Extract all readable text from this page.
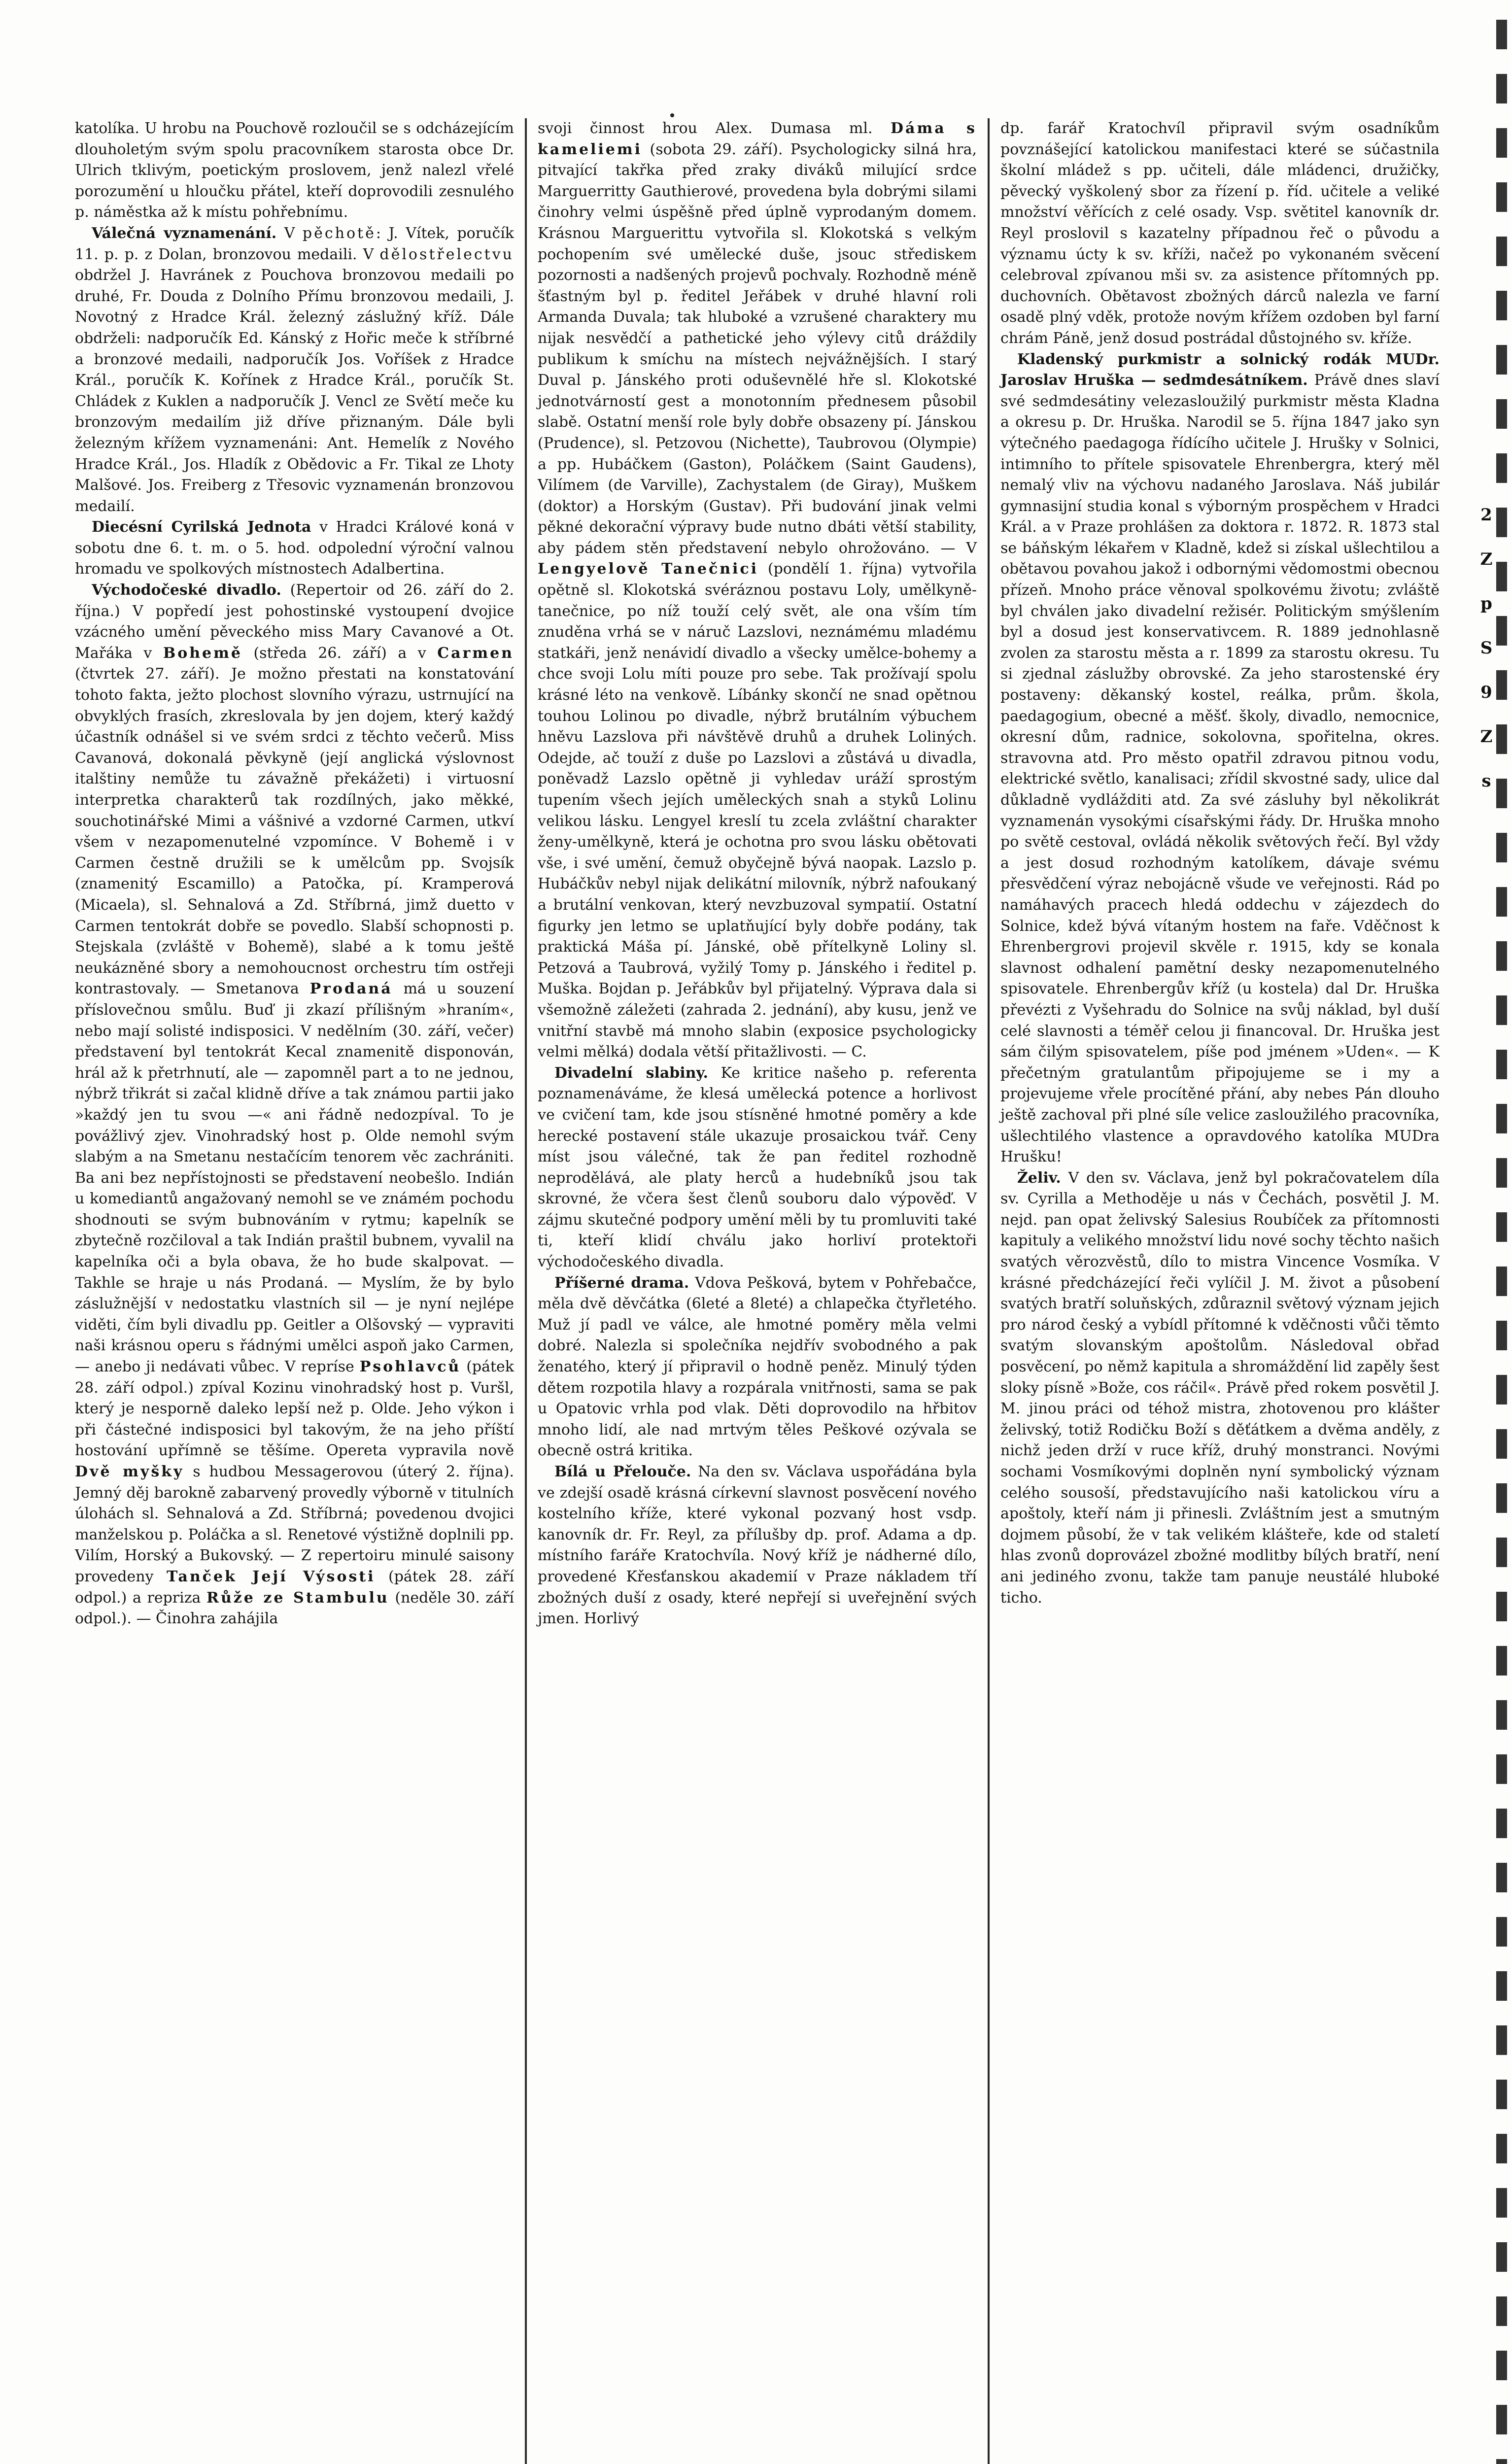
katolíka. U hrobu na Pouchově rozloučil se s odcházejícím dlouholetým svým spolu pracovníkem starosta obce Dr. Ulrich tklivým, poetickým proslovem, jenž nalezl vřelé porozumění u hloučku přátel, kteří doprovodili zesnulého p. náměstka až k místu pohřebnímu.

Válečná vyznamenání. V pěchotě: J. Vítek, poručík 11. p. p. z Dolan, bronzovou medaili. V dělostřelectvu obdržel J. Havránek z Pouchova bronzovou medaili po druhé, Fr. Douda z Dolního Přímu bronzovou medaili, J. Novotný z Hradce Král. železný záslužný kříž. Dále obdrželi: nadporučík Ed. Kánský z Hořic meče k stříbrné a bronzové medaili, nadporučík Jos. Voříšek z Hradce Král., poručík K. Kořínek z Hradce Král., poručík St. Chládek z Kuklen a nadporučík J. Vencl ze Světí meče ku bronzovým medailím již dříve přiznaným. Dále byli železným křížem vyznamenáni: Ant. Hemelík z Nového Hradce Král., Jos. Hladík z Obědovic a Fr. Tikal ze Lhoty Malšové. Jos. Freiberg z Třesovic vyznamenán bronzovou medailí.

Diecésní Cyrilská Jednota v Hradci Králové koná v sobotu dne 6. t. m. o 5. hod. odpolední výroční valnou hromadu ve spolkových místnostech Adalbertina.

Východočeské divadlo. (Repertoir od 26. září do 2. října.) V popředí jest pohostinské vystoupení dvojice vzácného umění pěveckého miss Mary Cavanové a Ot. Mařáka v Bohemě (středa 26. září) a v Carmen (čtvrtek 27. září). Je možno přestati na konstatování tohoto fakta, ježto plochost slovního výrazu, ustrnující na obvyklých frasích, zkreslovala by jen dojem, který každý účastník odnášel si ve svém srdci z těchto večerů. Miss Cavanová, dokonalá pěvkyně (její anglická výslovnost italštiny nemůže tu závažně překážeti) i virtuosní interpretka charakterů tak rozdílných, jako měkké, souchotinářské Mimi a vášnivé a vzdorné Carmen, utkví všem v nezapomenutelné vzpomínce. V Bohemě i v Carmen čestně družili se k umělcům pp. Svojsík (znamenitý Escamillo) a Patočka, pí. Kramperová (Micaela), sl. Sehnalová a Zd. Stříbrná, jimž duetto v Carmen tentokrát dobře se povedlo. Slabší schopnosti p. Stejskala (zvláště v Bohemě), slabé a k tomu ještě neukázněné sbory a nemohoucnost orchestru tím ostřeji kontrastovaly. — Smetanova Prodaná má u souzení příslovečnou smůlu. Buď ji zkazí přílišným »hraním«, nebo mají solisté indisposici. V nedělním (30. září, večer) představení byl tentokrát Kecal znamenitě disponován, hrál až k přetrhnutí, ale — zapomněl part a to ne jednou, nýbrž třikrát si začal klidně dříve a tak známou partii jako »každý jen tu svou —« ani řádně nedozpíval. To je povážlivý zjev. Vinohradský host p. Olde nemohl svým slabým a na Smetanu nestačícím tenorem věc zachrániti. Ba ani bez nepřístojnosti se představení neobešlo. Indián u komediantů angažovaný nemohl se ve známém pochodu shodnouti se svým bubnováním v rytmu; kapelník se zbytečně rozčiloval a tak Indián praštil bubnem, vyvalil na kapelníka oči a byla obava, že ho bude skalpovat. — Takhle se hraje u nás Prodaná. — Myslím, že by bylo záslužnější v nedostatku vlastních sil — je nyní nejlépe viděti, čím byli divadlu pp. Geitler a Olšovský — vypraviti naši krásnou operu s řádnými umělci aspoň jako Carmen, — anebo ji nedávati vůbec. V repríse Psohlavců (pátek 28. září odpol.) zpíval Kozinu vinohradský host p. Vuršl, který je nesporně daleko lepší než p. Olde. Jeho výkon i při částečné indisposici byl takovým, že na jeho příští hostování upřímně se těšíme. Opereta vypravila nově Dvě myšky s hudbou Messagerovou (úterý 2. října). Jemný děj barokně zabarvený provedly výborně v titulních úlohách sl. Sehnalová a Zd. Stříbrná; povedenou dvojici manželskou p. Poláčka a sl. Renetové výstižně doplnili pp. Vilím, Horský a Bukovský. — Z repertoiru minulé saisony provedeny Tanček Její Výsosti (pátek 28. září odpol.) a repriza Růže ze Stambulu (neděle 30. září odpol.). — Činohra zahájila

svoji činnost hrou Alex. Dumasa ml. Dáma s kameliemi (sobota 29. září). Psychologicky silná hra, pitvající takřka před zraky diváků milující srdce Marguerritty Gauthierové, provedena byla dobrými silami činohry velmi úspěšně před úplně vyprodaným domem. Krásnou Marguerittu vytvořila sl. Klokotská s velkým pochopením své umělecké duše, jsouc střediskem pozornosti a nadšených projevů pochvaly. Rozhodně méně šťastným byl p. ředitel Jeřábek v druhé hlavní roli Armanda Duvala; tak hluboké a vzrušené charaktery mu nijak nesvědčí a pathetické jeho výlevy citů dráždily publikum k smíchu na místech nejvážnějších. I starý Duval p. Jánského proti oduševnělé hře sl. Klokotské jednotvárností gest a monotonním přednesem působil slabě. Ostatní menší role byly dobře obsazeny pí. Jánskou (Prudence), sl. Petzovou (Nichette), Taubrovou (Olympie) a pp. Hubáčkem (Gaston), Poláčkem (Saint Gaudens), Vilímem (de Varville), Zachystalem (de Giray), Muškem (doktor) a Horským (Gustav). Při budování jinak velmi pěkné dekorační výpravy bude nutno dbáti větší stability, aby pádem stěn představení nebylo ohrožováno. — V Lengyelově Tanečnici (pondělí 1. října) vytvořila opětně sl. Klokotská svéráznou postavu Loly, umělkyně-tanečnice, po níž touží celý svět, ale ona vším tím znuděna vrhá se v náruč Lazslovi, neznámému mladému statkáři, jenž nenávidí divadlo a všecky umělce-bohemy a chce svoji Lolu míti pouze pro sebe. Tak prožívají spolu krásné léto na venkově. Líbánky skončí ne snad opětnou touhou Lolinou po divadle, nýbrž brutálním výbuchem hněvu Lazslova při návštěvě druhů a druhek Loliných. Odejde, ač touží z duše po Lazslovi a zůstává u divadla, poněvadž Lazslo opětně ji vyhledav uráží sprostým tupením všech jejích uměleckých snah a styků Lolinu velikou lásku. Lengyel kreslí tu zcela zvláštní charakter ženy-umělkyně, která je ochotna pro svou lásku obětovati vše, i své umění, čemuž obyčejně bývá naopak. Lazslo p. Hubáčkův nebyl nijak delikátní milovník, nýbrž nafoukaný a brutální venkovan, který nevzbuzoval sympatií. Ostatní figurky jen letmo se uplatňující byly dobře podány, tak praktická Máša pí. Jánské, obě přítelkyně Loliny sl. Petzová a Taubrová, vyžilý Tomy p. Jánského i ředitel p. Muška. Bojdan p. Jeřábkův byl přijatelný. Výprava dala si všemožně záležeti (zahrada 2. jednání), aby kusu, jenž ve vnitřní stavbě má mnoho slabin (exposice psychologicky velmi mělká) dodala větší přitažlivosti. — C.

Divadelní slabiny. Ke kritice našeho p. referenta poznamenáváme, že klesá umělecká potence a horlivost ve cvičení tam, kde jsou stísněné hmotné poměry a kde herecké postavení stále ukazuje prosaickou tvář. Ceny míst jsou válečné, tak že pan ředitel rozhodně neprodělává, ale platy herců a hudebníků jsou tak skrovné, že včera šest členů souboru dalo výpověď. V zájmu skutečné podpory umění měli by tu promluviti také ti, kteří klidí chválu jako horliví protektoři východočeského divadla.

Příšerné drama. Vdova Pešková, bytem v Pohřebačce, měla dvě děvčátka (6leté a 8leté) a chlapečka čtyřletého. Muž jí padl ve válce, ale hmotné poměry měla velmi dobré. Nalezla si společníka nejdřív svobodného a pak ženatého, který jí připravil o hodně peněz. Minulý týden dětem rozpotila hlavy a rozpárala vnitřnosti, sama se pak u Opatovic vrhla pod vlak. Děti doprovodilo na hřbitov mnoho lidí, ale nad mrtvým těles Peškové ozývala se obecně ostrá kritika.

Bílá u Přelouče. Na den sv. Václava uspořádána byla ve zdejší osadě krásná církevní slavnost posvěcení nového kostelního kříže, které vykonal pozvaný host vsdp. kanovník dr. Fr. Reyl, za přílušby dp. prof. Adama a dp. místního faráře Kratochvíla. Nový kříž je nádherné dílo, provedené Křesťanskou akademií v Praze nákladem tří zbožných duší z osady, které nepřejí si uveřejnění svých jmen. Horlivý

dp. farář Kratochvíl připravil svým osadníkům povznášející katolickou manifestaci které se súčastnila školní mládež s pp. učiteli, dále mládenci, družičky, pěvecký vyškolený sbor za řízení p. říd. učitele a veliké množství věřících z celé osady. Vsp. světitel kanovník dr. Reyl proslovil s kazatelny případnou řeč o původu a významu úcty k sv. kříži, načež po vykonaném svěcení celebroval zpívanou mši sv. za asistence přítomných pp. duchovních. Obětavost zbožných dárců nalezla ve farní osadě plný vděk, protože novým křížem ozdoben byl farní chrám Páně, jenž dosud postrádal důstojného sv. kříže.

Kladenský purkmistr a solnický rodák MUDr. Jaroslav Hruška — sedmdesátníkem. Právě dnes slaví své sedmdesátiny velezasloužilý purkmistr města Kladna a okresu p. Dr. Hruška. Narodil se 5. října 1847 jako syn výtečného paedagoga řídícího učitele J. Hrušky v Solnici, intimního to přítele spisovatele Ehrenbergra, který měl nemalý vliv na výchovu nadaného Jaroslava. Náš jubilár gymnasijní studia konal s výborným prospěchem v Hradci Král. a v Praze prohlášen za doktora r. 1872. R. 1873 stal se báňským lékařem v Kladně, kdež si získal ušlechtilou a obětavou povahou jakož i odbornými vědomostmi obecnou přízeň. Mnoho práce věnoval spolkovému životu; zvláště byl chválen jako divadelní režisér. Politickým smýšlením byl a dosud jest konservativcem. R. 1889 jednohlasně zvolen za starostu města a r. 1899 za starostu okresu. Tu si zjednal záslužby obrovské. Za jeho starostenské éry postaveny: děkanský kostel, reálka, prům. škola, paedagogium, obecné a měšť. školy, divadlo, nemocnice, okresní dům, radnice, sokolovna, spořitelna, okres. stravovna atd. Pro město opatřil zdravou pitnou vodu, elektrické světlo, kanalisaci; zřídil skvostné sady, ulice dal důkladně vydlážditi atd. Za své zásluhy byl několikrát vyznamenán vysokými císařskými řády. Dr. Hruška mnoho po světě cestoval, ovládá několik světových řečí. Byl vždy a jest dosud rozhodným katolíkem, dávaje svému přesvědčení výraz nebojácně všude ve veřejnosti. Rád po namáhavých pracech hledá oddechu v zájezdech do Solnice, kdež bývá vítaným hostem na faře. Vděčnost k Ehrenbergrovi projevil skvěle r. 1915, kdy se konala slavnost odhalení pamětní desky nezapomenutelného spisovatele. Ehrenbergův kříž (u kostela) dal Dr. Hruška převézti z Vyšehradu do Solnice na svůj náklad, byl duší celé slavnosti a téměř celou ji financoval. Dr. Hruška jest sám čilým spisovatelem, píše pod jménem »Uden«. — K přečetným gratulantům připojujeme se i my a projevujeme vřele procítěné přání, aby nebes Pán dlouho ještě zachoval při plné síle velice zasloužilého pracovníka, ušlechtilého vlastence a opravdového katolíka MUDra Hrušku!

Želiv. V den sv. Václava, jenž byl pokračovatelem díla sv. Cyrilla a Methoděje u nás v Čechách, posvětil J. M. nejd. pan opat želivský Salesius Roubíček za přítomnosti kapituly a velikého množství lidu nové sochy těchto našich svatých věrozvěstů, dílo to mistra Vincence Vosmíka. V krásné předcházející řeči vylíčil J. M. život a působení svatých bratří soluňských, zdůraznil světový význam jejich pro národ český a vybídl přítomné k vděčnosti vůči těmto svatým slovanským apoštolům. Následoval obřad posvěcení, po němž kapitula a shromáždění lid zapěly šest sloky písně »Bože, cos ráčil«. Právě před rokem posvětil J. M. jinou práci od téhož mistra, zhotovenou pro klášter želivský, totiž Rodičku Boží s děťátkem a dvěma anděly, z nichž jeden drží v ruce kříž, druhý monstranci. Novými sochami Vosmíkovými doplněn nyní symbolický význam celého sousoší, představujícího naši katolickou víru a apoštoly, kteří nám ji přinesli. Zvláštním jest a smutným dojmem působí, že v tak velikém klášteře, kde od staletí hlas zvonů doprovázel zbožné modlitby bílých bratří, není ani jediného zvonu, takže tam panuje neustálé hluboké ticho.

2
Z
p
S
9
Z
s
